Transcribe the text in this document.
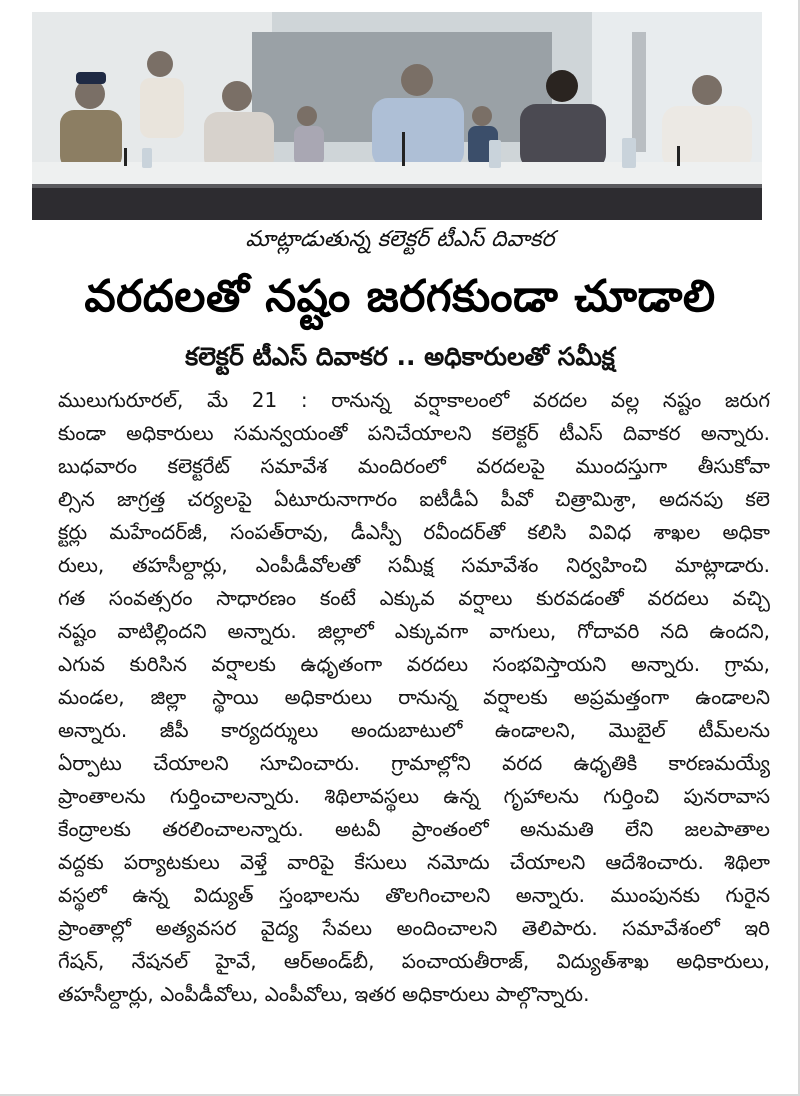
మాట్లాడుతున్న కలెక్టర్ టీఎస్ దివాకర
వరదలతో నష్టం జరగకుండా చూడాలి
కలెక్టర్ టీఎస్ దివాకర .. అధికారులతో సమీక్ష
ములుగురూరల్, మే 21 : రానున్న వర్షాకాలంలో వరదల వల్ల నష్టం జరుగ
కుండా అధికారులు సమన్వయంతో పనిచేయాలని కలెక్టర్ టీఎస్ దివాకర అన్నారు.
బుధవారం కలెక్టరేట్ సమావేశ మందిరంలో వరదలపై ముందస్తుగా తీసుకోవా
ల్సిన జాగ్రత్త చర్యలపై ఏటూరునాగారం ఐటీడీఏ పీవో చిత్రామిశ్రా, అదనపు కలె
క్టర్లు మహేందర్‌జీ, సంపత్‌రావు, డీఎస్పీ రవీందర్‌తో కలిసి వివిధ శాఖల అధికా
రులు, తహసీల్దార్లు, ఎంపీడీవోలతో సమీక్ష సమావేశం నిర్వహించి మాట్లాడారు.
గత సంవత్సరం సాధారణం కంటే ఎక్కువ వర్షాలు కురవడంతో వరదలు వచ్చి
నష్టం వాటిల్లిందని అన్నారు. జిల్లాలో ఎక్కువగా వాగులు, గోదావరి నది ఉందని,
ఎగువ కురిసిన వర్షాలకు ఉధృతంగా వరదలు సంభవిస్తాయని అన్నారు. గ్రామ,
మండల, జిల్లా స్థాయి అధికారులు రానున్న వర్షాలకు అప్రమత్తంగా ఉండాలని
అన్నారు. జీపీ కార్యదర్శులు అందుబాటులో ఉండాలని, మొబైల్ టీమ్‌లను
ఏర్పాటు చేయాలని సూచించారు. గ్రామాల్లోని వరద ఉధృతికి కారణమయ్యే
ప్రాంతాలను గుర్తించాలన్నారు. శిథిలావస్థలు ఉన్న గృహాలను గుర్తించి పునరావాస
కేంద్రాలకు తరలించాలన్నారు. అటవీ ప్రాంతంలో అనుమతి లేని జలపాతాల
వద్దకు పర్యాటకులు వెళ్తే వారిపై కేసులు నమోదు చేయాలని ఆదేశించారు. శిథిలా
వస్థలో ఉన్న విద్యుత్ స్తంభాలను తొలగించాలని అన్నారు. ముంపునకు గురైన
ప్రాంతాల్లో అత్యవసర వైద్య సేవలు అందించాలని తెలిపారు. సమావేశంలో ఇరి
గేషన్, నేషనల్ హైవే, ఆర్‌అండ్‌బీ, పంచాయతీరాజ్, విద్యుత్‌శాఖ అధికారులు,
తహసీల్దార్లు, ఎంపీడీవోలు, ఎంపీవోలు, ఇతర అధికారులు పాల్గొన్నారు.
